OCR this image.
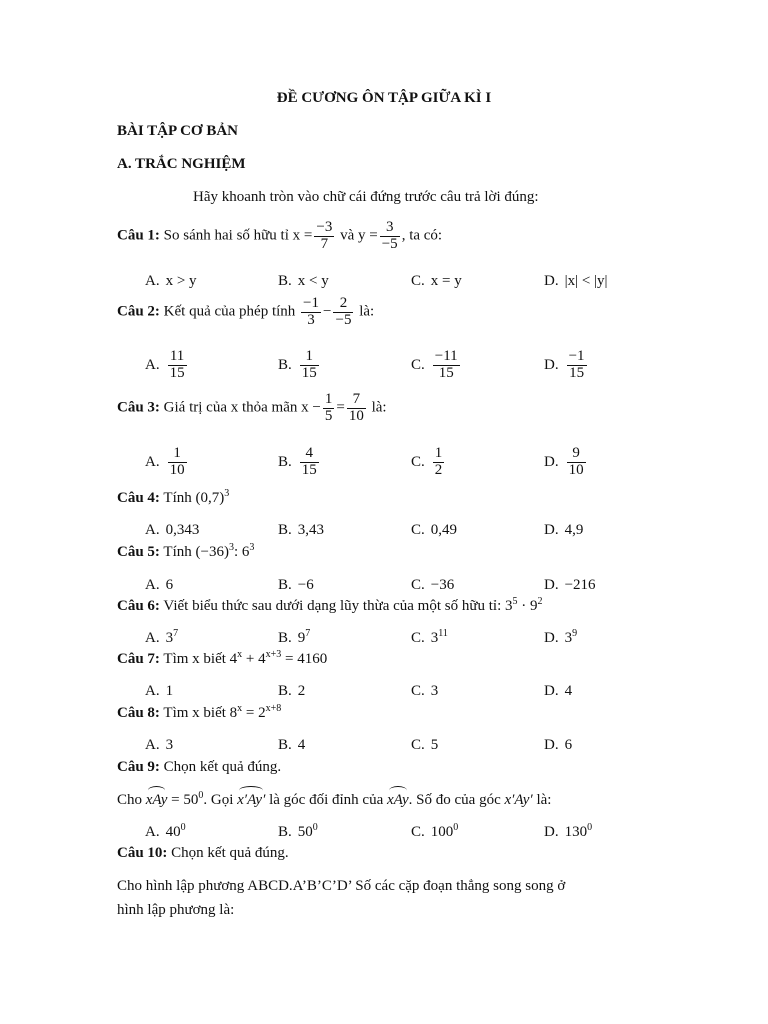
ĐỀ CƯƠNG ÔN TẬP GIỮA KÌ I
BÀI TẬP CƠ BẢN
A. TRẮC NGHIỆM
Hãy khoanh tròn vào chữ cái đứng trước câu trả lời đúng:
Câu 1: So sánh hai số hữu tỉ $x = \frac{-3}{7}$ và $y = \frac{3}{-5}$ , ta có:
A. x > y	B. x < y	C. x = y	D. |x| < |y|
Câu 2: Kết quả của phép tính $\frac{-1}{3} - \frac{2}{-5}$ là:
A. $\frac{11}{15}$	B. $\frac{1}{15}$	C. $\frac{-11}{15}$	D. $\frac{-1}{15}$
Câu 3: Giá trị của x thỏa mãn $x - \frac{1}{5} = \frac{7}{10}$ là:
A. $\frac{1}{10}$	B. $\frac{4}{15}$	C. $\frac{1}{2}$	D. $\frac{9}{10}$
Câu 4: Tính $(0,7)^3$
A. 0,343	B. 3,43	C. 0,49	D. 4,9
Câu 5: Tính $(-36)^3$: $6^3$
A. 6	B. −6	C. −36	D. −216
Câu 6: Viết biểu thức sau dưới dạng lũy thừa của một số hữu tỉ: $3^5 \cdot 9^2$
A. $3^7$	B. $9^7$	C. $3^{11}$	D. $3^9$
Câu 7: Tìm x biết $4^x + 4^{x+3} = 4160$
A. 1	B. 2	C. 3	D. 4
Câu 8: Tìm x biết $8^x = 2^{x+8}$
A. 3	B. 4	C. 5	D. 6
Câu 9: Chọn kết quả đúng.
Cho xAy = $50^0$. Gọi x′Ay′ là góc đối đỉnh của xAy. Số đo của góc x′Ay′ là:
A. $40^0$	B. $50^0$	C. $100^0$	D. $130^0$
Câu 10: Chọn kết quả đúng.
Cho hình lập phương ABCD.A’B’C’D’ Số các cặp đoạn thẳng song song ở
hình lập phương là:
